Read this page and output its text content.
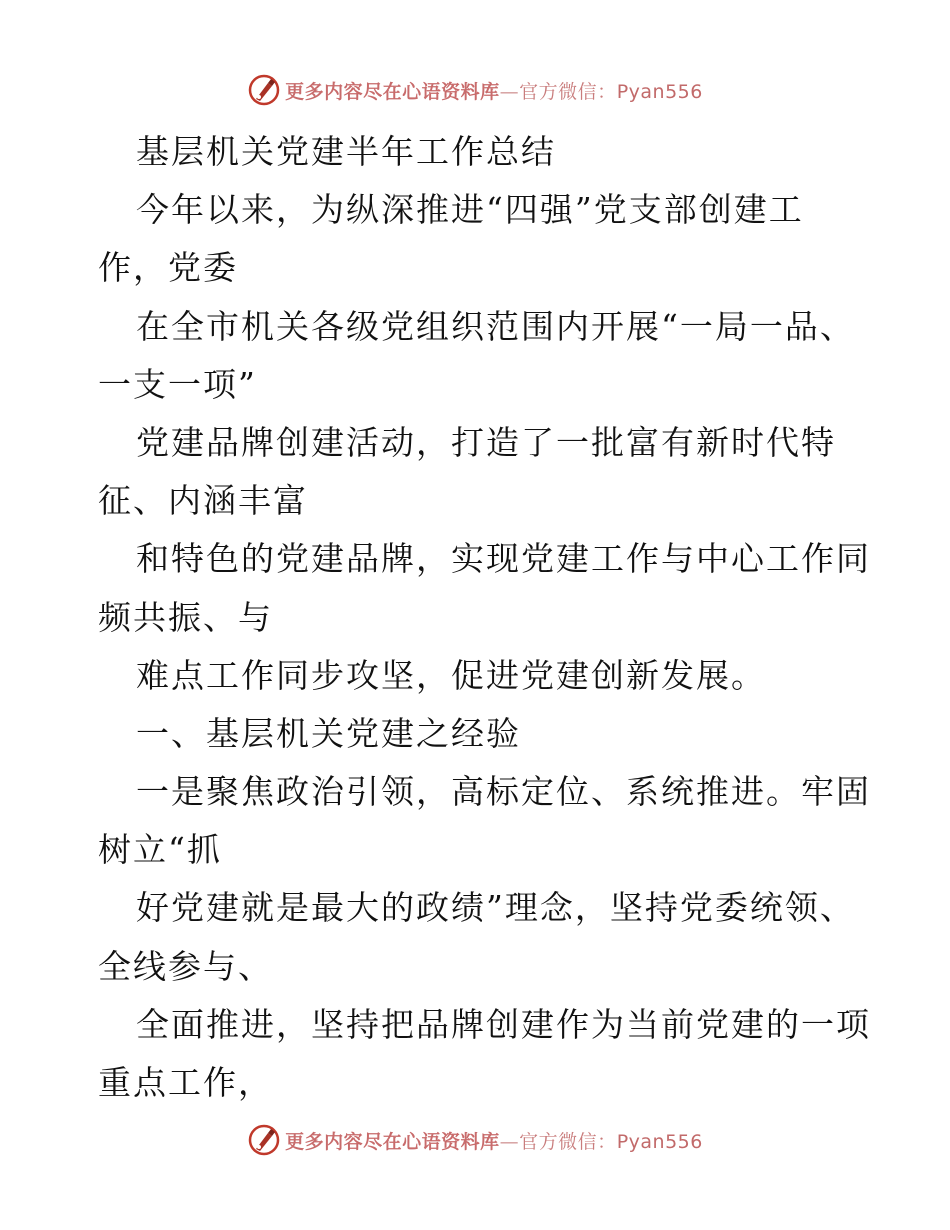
更多内容尽在心语资料库—官方微信：Pyan556
基层机关党建半年工作总结
今年以来，为纵深推进“四强”党支部创建工
作，党委
在全市机关各级党组织范围内开展“一局一品、
一支一项”
党建品牌创建活动，打造了一批富有新时代特
征、内涵丰富
和特色的党建品牌，实现党建工作与中心工作同
频共振、与
难点工作同步攻坚，促进党建创新发展。
一、基层机关党建之经验
一是聚焦政治引领，高标定位、系统推进。牢固
树立“抓
好党建就是最大的政绩”理念，坚持党委统领、
全线参与、
全面推进，坚持把品牌创建作为当前党建的一项
重点工作，
更多内容尽在心语资料库—官方微信：Pyan556
